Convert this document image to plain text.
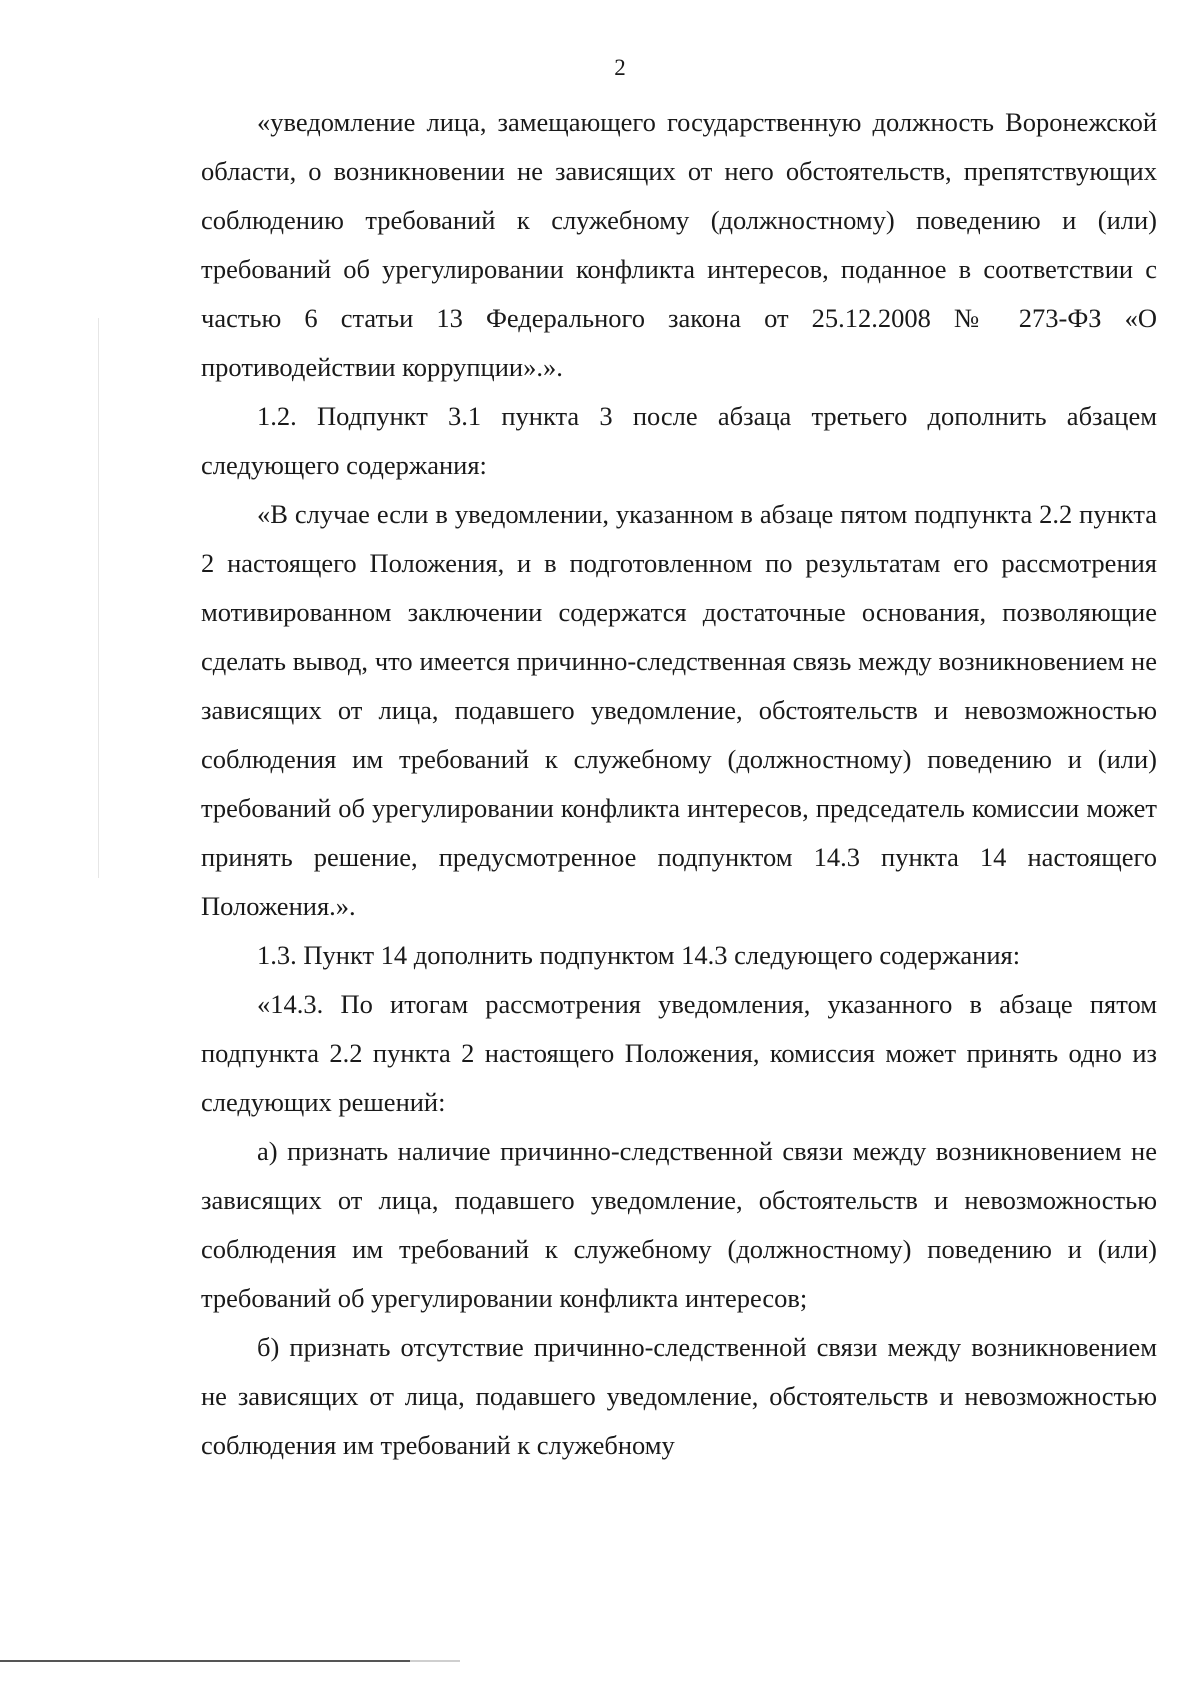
2

«уведомление лица, замещающего государственную должность Воронежской области, о возникновении не зависящих от него обстоятельств, препятствующих соблюдению требований к служебному (должностному) поведению и (или) требований об урегулировании конфликта интересов, поданное в соответствии с частью 6 статьи 13 Федерального закона от 25.12.2008 № 273-ФЗ «О противодействии коррупции».».

1.2. Подпункт 3.1 пункта 3 после абзаца третьего дополнить абзацем следующего содержания:

«В случае если в уведомлении, указанном в абзаце пятом подпункта 2.2 пункта 2 настоящего Положения, и в подготовленном по результатам его рассмотрения мотивированном заключении содержатся достаточные основания, позволяющие сделать вывод, что имеется причинно-следственная связь между возникновением не зависящих от лица, подавшего уведомление, обстоятельств и невозможностью соблюдения им требований к служебному (должностному) поведению и (или) требований об урегулировании конфликта интересов, председатель комиссии может принять решение, предусмотренное подпунктом 14.3 пункта 14 настоящего Положения.».

1.3. Пункт 14 дополнить подпунктом 14.3 следующего содержания:

«14.3. По итогам рассмотрения уведомления, указанного в абзаце пятом подпункта 2.2 пункта 2 настоящего Положения, комиссия может принять одно из следующих решений:

а) признать наличие причинно-следственной связи между возникновением не зависящих от лица, подавшего уведомление, обстоятельств и невозможностью соблюдения им требований к служебному (должностному) поведению и (или) требований об урегулировании конфликта интересов;

б) признать отсутствие причинно-следственной связи между возникновением не зависящих от лица, подавшего уведомление, обстоятельств и невозможностью соблюдения им требований к служебному
